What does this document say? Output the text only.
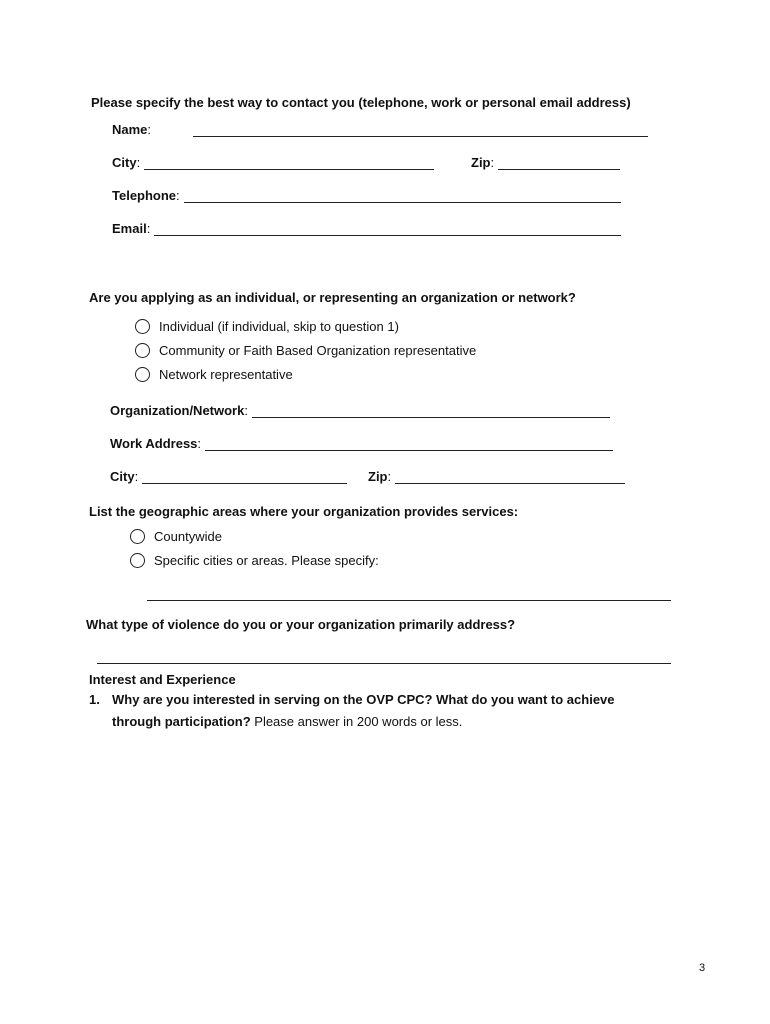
Please specify the best way to contact you (telephone, work or personal email address)
Name :
City :	Zip :
Telephone :
Email :
Are you applying as an individual, or representing an organization or network?
Individual (if individual, skip to question 1)
Community or Faith Based Organization representative
Network representative
Organization/Network :
Work Address :
City :	Zip :
List the geographic areas where your organization provides services:
Countywide
Specific cities or areas. Please specify:
What type of violence do you or your organization primarily address?
Interest and Experience
1. Why are you interested in serving on the OVP CPC? What do you want to achieve
through participation? Please answer in 200 words or less.
3
